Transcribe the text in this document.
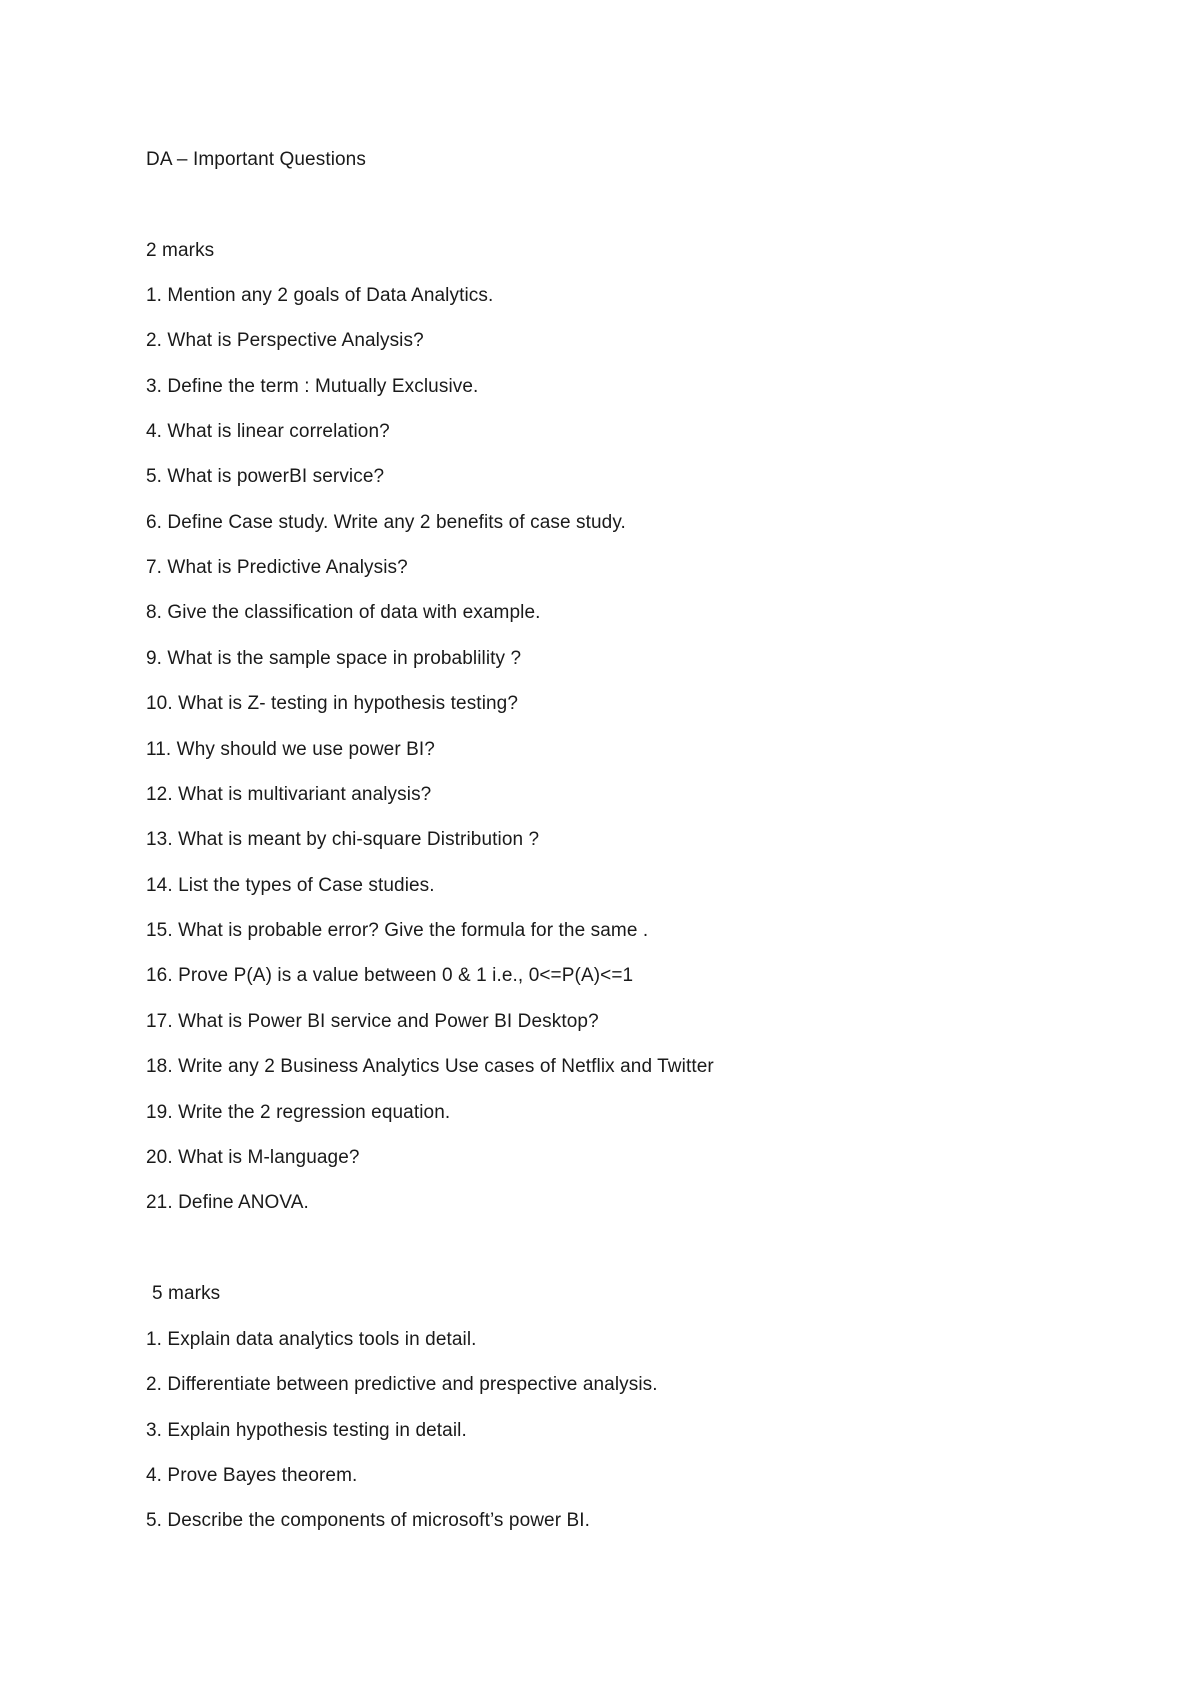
DA – Important Questions
2 marks
1. Mention any 2 goals of Data Analytics.
2. What is Perspective Analysis?
3. Define the term : Mutually Exclusive.
4. What is linear correlation?
5. What is powerBI service?
6. Define Case study. Write any 2 benefits of case study.
7. What is Predictive Analysis?
8. Give the classification of data with example.
9. What is the sample space in probablility ?
10. What is Z- testing in hypothesis testing?
11. Why should we use power BI?
12. What is multivariant analysis?
13. What is meant by chi-square Distribution ?
14. List the types of Case studies.
15. What is probable error? Give the formula for the same .
16. Prove P(A) is a value between 0 & 1 i.e., 0<=P(A)<=1
17. What is Power BI service and Power BI Desktop?
18. Write any 2 Business Analytics Use cases of Netflix and Twitter
19. Write the 2 regression equation.
20. What is M-language?
21. Define ANOVA.
5 marks
1. Explain data analytics tools in detail.
2. Differentiate between predictive and prespective analysis.
3. Explain hypothesis testing in detail.
4. Prove Bayes theorem.
5. Describe the components of microsoft’s power BI.
